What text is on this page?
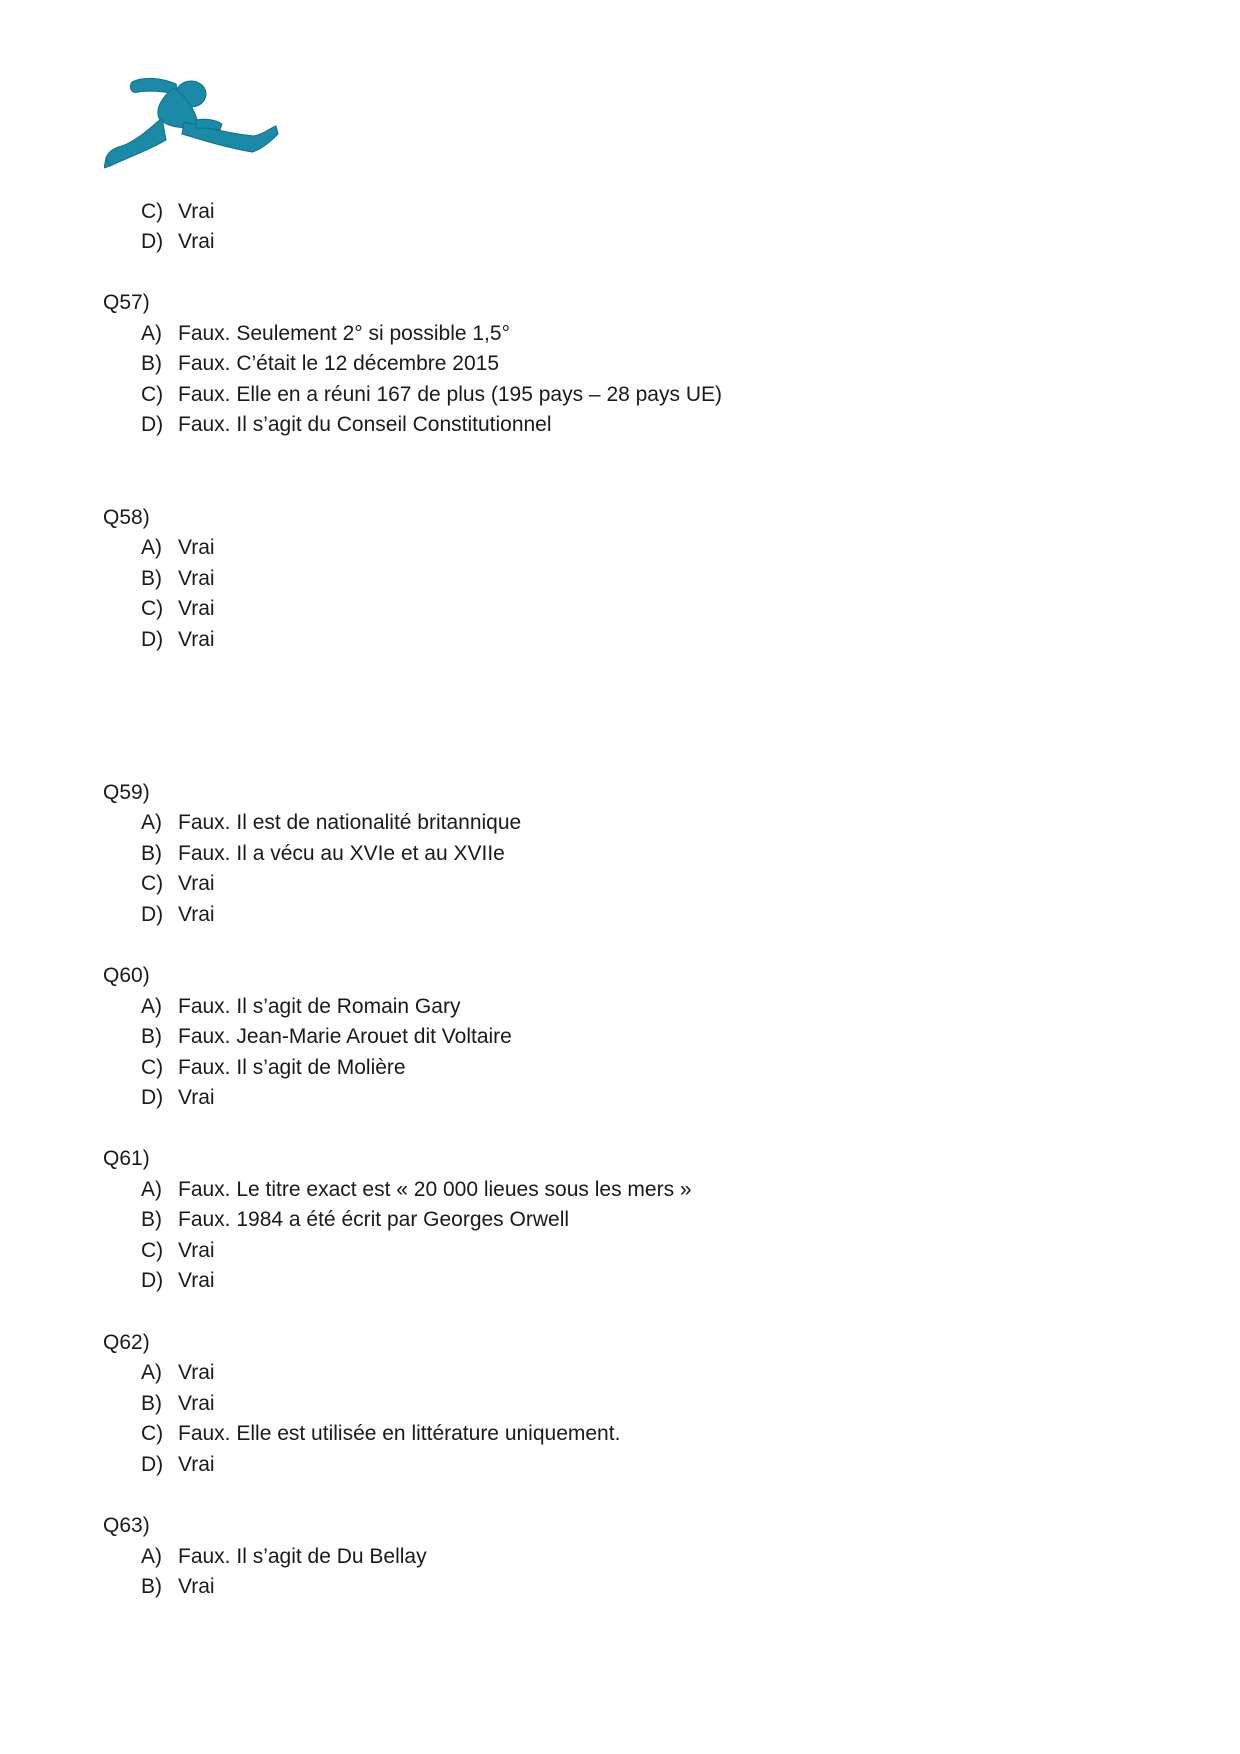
C) Vrai
D) Vrai
Q57)
A) Faux. Seulement 2° si possible 1,5°
B) Faux. C’était le 12 décembre 2015
C) Faux. Elle en a réuni 167 de plus (195 pays – 28 pays UE)
D) Faux. Il s’agit du Conseil Constitutionnel
Q58)
A) Vrai
B) Vrai
C) Vrai
D) Vrai
Q59)
A) Faux. Il est de nationalité britannique
B) Faux. Il a vécu au XVIe et au XVIIe
C) Vrai
D) Vrai
Q60)
A) Faux. Il s’agit de Romain Gary
B) Faux. Jean-Marie Arouet dit Voltaire
C) Faux. Il s’agit de Molière
D) Vrai
Q61)
A) Faux. Le titre exact est « 20 000 lieues sous les mers »
B) Faux. 1984 a été écrit par Georges Orwell
C) Vrai
D) Vrai
Q62)
A) Vrai
B) Vrai
C) Faux. Elle est utilisée en littérature uniquement.
D) Vrai
Q63)
A) Faux. Il s’agit de Du Bellay
B) Vrai
